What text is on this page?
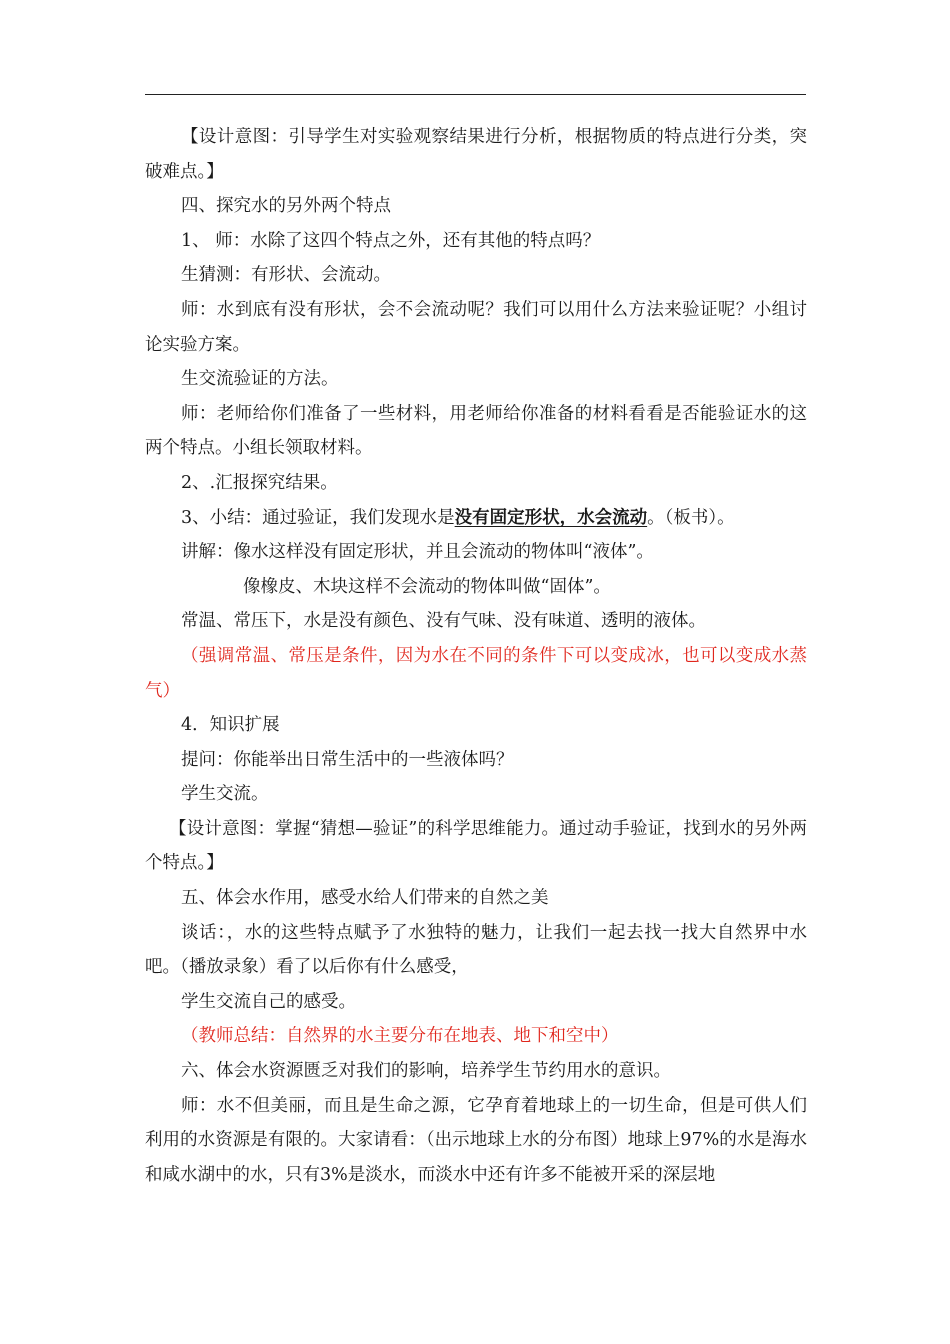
【设计意图：引导学生对实验观察结果进行分析，根据物质的特点进行分类，突破难点。】

四、探究水的另外两个特点

1、 师：水除了这四个特点之外，还有其他的特点吗？

生猜测：有形状、会流动。

师：水到底有没有形状，会不会流动呢？我们可以用什么方法来验证呢？小组讨论实验方案。

生交流验证的方法。

师：老师给你们准备了一些材料，用老师给你准备的材料看看是否能验证水的这两个特点。小组长领取材料。

2、.汇报探究结果。

3、小结：通过验证，我们发现水是没有固定形状，水会流动。（板书）。

讲解：像水这样没有固定形状，并且会流动的物体叫“液体”。

像橡皮、木块这样不会流动的物体叫做“固体”。

常温、常压下，水是没有颜色、没有气味、没有味道、透明的液体。

（强调常温、常压是条件，因为水在不同的条件下可以变成冰，也可以变成水蒸气）

4．知识扩展

提问：你能举出日常生活中的一些液体吗？

学生交流。

【设计意图：掌握“猜想—验证”的科学思维能力。通过动手验证，找到水的另外两个特点。】

五、体会水作用，感受水给人们带来的自然之美

谈话：，水的这些特点赋予了水独特的魅力，让我们一起去找一找大自然界中水吧。（播放录象）看了以后你有什么感受，

学生交流自己的感受。

（教师总结：自然界的水主要分布在地表、地下和空中）

六、体会水资源匮乏对我们的影响，培养学生节约用水的意识。

师：水不但美丽，而且是生命之源，它孕育着地球上的一切生命，但是可供人们利用的水资源是有限的。大家请看：（出示地球上水的分布图）地球上97%的水是海水和咸水湖中的水，只有3%是淡水，而淡水中还有许多不能被开采的深层地
